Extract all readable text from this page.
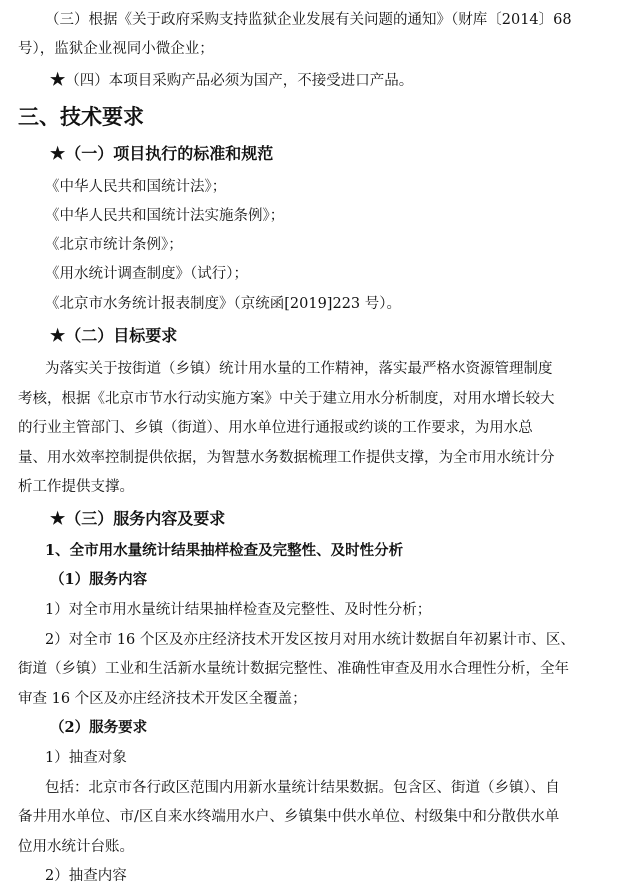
（三）根据《关于政府采购支持监狱企业发展有关问题的通知》（财库〔2014〕68
号），监狱企业视同小微企业；
★（四）本项目采购产品必须为国产，不接受进口产品。
三、技术要求
★（一）项目执行的标准和规范
《中华人民共和国统计法》；
《中华人民共和国统计法实施条例》；
《北京市统计条例》；
《用水统计调查制度》（试行）；
《北京市水务统计报表制度》（京统函[2019]223 号）。
★（二）目标要求
为落实关于按街道（乡镇）统计用水量的工作精神，落实最严格水资源管理制度
考核，根据《北京市节水行动实施方案》中关于建立用水分析制度，对用水增长较大
的行业主管部门、乡镇（街道）、用水单位进行通报或约谈的工作要求，为用水总
量、用水效率控制提供依据，为智慧水务数据梳理工作提供支撑，为全市用水统计分
析工作提供支撑。
★（三）服务内容及要求
1、全市用水量统计结果抽样检查及完整性、及时性分析
（1）服务内容
1）对全市用水量统计结果抽样检查及完整性、及时性分析；
2）对全市 16 个区及亦庄经济技术开发区按月对用水统计数据自年初累计市、区、
街道（乡镇）工业和生活新水量统计数据完整性、准确性审查及用水合理性分析，全年
审查 16 个区及亦庄经济技术开发区全覆盖；
（2）服务要求
1）抽查对象
包括：北京市各行政区范围内用新水量统计结果数据。包含区、街道（乡镇）、自
备井用水单位、市/区自来水终端用水户、乡镇集中供水单位、村级集中和分散供水单
位用水统计台账。
2）抽查内容
